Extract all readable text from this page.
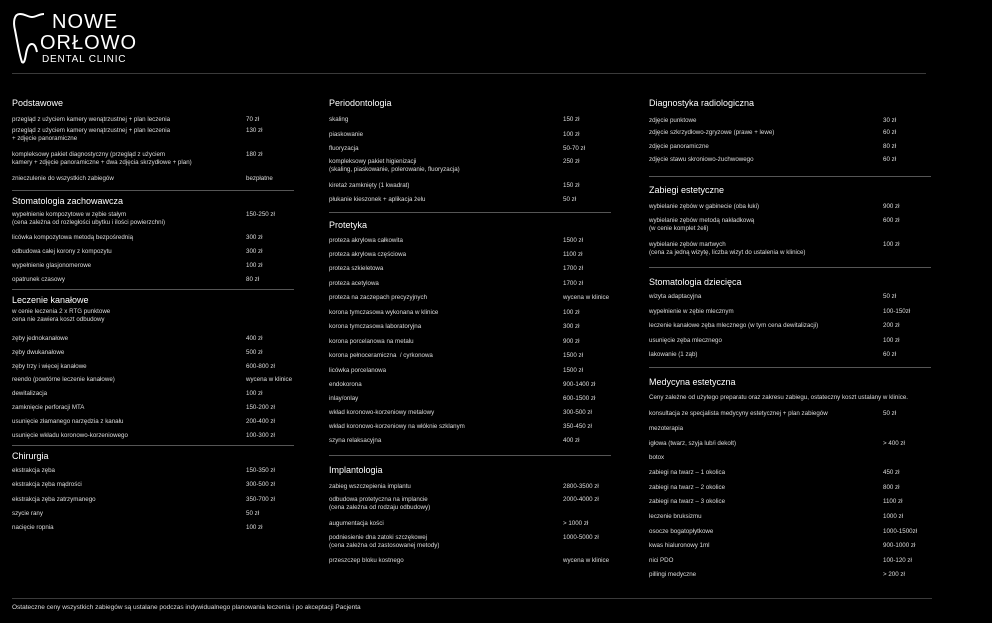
NOWE
ORŁOWO
DENTAL CLINIC
Podstawowe
przegląd z użyciem kamery wenątrzustnej + plan leczenia	70 zł
przegląd z użyciem kamery wenątrzustnej + plan leczenia
+ zdjęcie panoramiczne
130 zł
kompleksowy pakiet diagnostyczny (przegląd z użyciem
kamery + zdjęcie panoramiczne + dwa zdjęcia skrzydłowe + plan)
180 zł
znieczulenie do wszystkich zabiegów	bezpłatne
Stomatologia zachowawcza
wypełnienie kompozytowe w zębie stałym
(cena zależna od rozległości ubytku i ilości powierzchni)
150-250 zł
licówka kompozytowa metodą bezpośrednią	300 zł
odbudowa całej korony z kompozytu	300 zł
wypełnienie glasjonomerowe	100 zł
opatrunek czasowy	80 zł
Leczenie kanałowe
w cenie leczenia 2 x RTG punktowe
cena nie zawiera koszt odbudowy
zęby jednokanałowe	400 zł
zęby dwukanałowe	500 zł
zęby trzy i więcej kanałowe	600-800 zł
reendo (powtórne leczenie kanałowe)	wycena w klinice
dewitalizacja	100 zł
zamknięcie perforacji MTA	150-200 zł
usunięcie złamanego narzędzia z kanału	200-400 zł
usunięcie wkładu koronowo-korzeniowego	100-300 zł
Chirurgia
ekstrakcja zęba	150-350 zł
ekstrakcja zęba mądrości	300-500 zł
ekstrakcja zęba zatrzymanego	350-700 zł
szycie rany	50 zł
nacięcie ropnia	100 zł
Periodontologia
skaling	150 zł
piaskowanie	100 zł
fluoryzacja	50-70 zł
kompleksowy pakiet higienizacji
(skaling, piaskowanie, polerowanie, fluoryzacja)
250 zł
kiretaż zamknięty (1 kwadrat)	150 zł
płukanie kieszonek + aplikacja żelu	50 zł
Protetyka
proteza akrylowa całkowita	1500 zł
proteza akrylowa częściowa	1100 zł
proteza szkieletowa	1700 zł
proteza acetylowa	1700 zł
proteza na zaczepach precyzyjnych	wycena w klinice
korona tymczasowa wykonana w klinice	100 zł
korona tymczasowa laboratoryjna	300 zł
korona porcelanowa na metalu	900 zł
korona pełnoceramiczna  / cyrkonowa	1500 zł
licówka porcelanowa	1500 zł
endokorona	900-1400 zł
inlay/onlay	600-1500 zł
wkład koronowo-korzeniowy metalowy	300-500 zł
wkład koronowo-korzeniowy na włóknie szklanym	350-450 zł
szyna relaksacyjna	400 zł
Implantologia
zabieg wszczepienia implantu	2800-3500 zł
odbudowa protetyczna na implancie
(cena zależna od rodzaju odbudowy)
2000-4000 zł
augumentacja kości	> 1000 zł
podniesienie dna zatoki szczękowej
(cena zależna od zastosowanej metody)
1000-5000 zł
przeszczep bloku kostnego	wycena w klinice
Diagnostyka radiologiczna
zdjęcie punktowe	30 zł
zdjęcie szkrzydłowo-zgryzowe (prawe + lewe)	60 zł
zdjęcie panoramiczne	80 zł
zdjęcie stawu skroniowo-żuchwowego	60 zł
Zabiegi estetyczne
wybielanie zębów w gabinecie (oba łuki)	900 zł
wybielanie zębów metodą nakładkową
(w cenie komplet żeli)
600 zł
wybielanie zębów martwych
(cena za jedną wizytę, liczba wizyt do ustalenia w klinice)
100 zł
Stomatologia dziecięca
wizyta adaptacyjna	50 zł
wypełnienie w zębie mlecznym	100-150zł
leczenie kanałowe zęba mlecznego (w tym cena dewitalizacji)	200 zł
usunięcie zęba mlecznego	100 zł
lakowanie (1 ząb)	60 zł
Medycyna estetyczna
Ceny zależne od użytego preparatu oraz zakresu zabiegu, ostateczny koszt ustalany w klinice.
konsultacja ze specjalista medycyny estetycznej + plan zabiegów	50 zł
mezoterapia
igłowa (twarz, szyja lub/i dekolt)	> 400 zł
botox
zabiegi na twarz – 1 okolica	450 zł
zabiegi na twarz – 2 okolice	800 zł
zabiegi na twarz – 3 okolice	1100 zł
leczenie bruksizmu	1000 zł
osocze bogatopłytkowe	1000-1500zł
kwas hialuronowy 1ml	900-1000 zł
nici PDO	100-120 zł
pillingi medyczne	> 200 zł
Ostateczne ceny wszystkich zabiegów są ustalane podczas indywidualnego planowania leczenia i po akceptacji Pacjenta
